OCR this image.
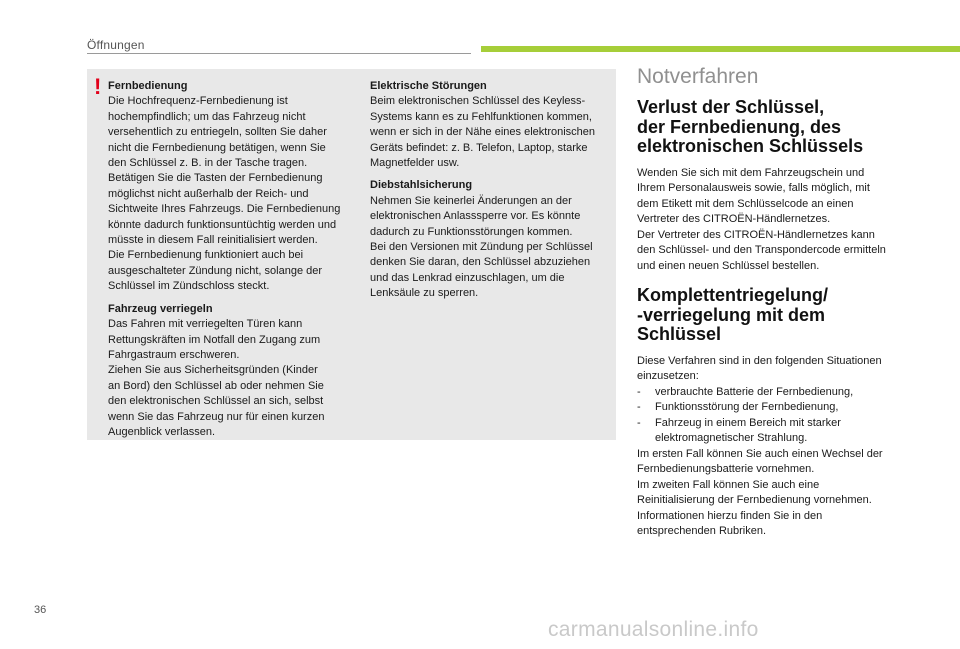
Öffnungen
! Fernbedienung

Die Hochfrequenz-Fernbedienung ist
hochempfindlich; um das Fahrzeug nicht
versehentlich zu entriegeln, sollten Sie daher
nicht die Fernbedienung betätigen, wenn Sie
den Schlüssel z. B. in der Tasche tragen.
Betätigen Sie die Tasten der Fernbedienung
möglichst nicht außerhalb der Reich- und
Sichtweite Ihres Fahrzeugs. Die Fernbedienung
könnte dadurch funktionsuntüchtig werden und
müsste in diesem Fall reinitialisiert werden.
Die Fernbedienung funktioniert auch bei
ausgeschalteter Zündung nicht, solange der
Schlüssel im Zündschloss steckt.

Fahrzeug verriegeln

Das Fahren mit verriegelten Türen kann
Rettungskräften im Notfall den Zugang zum
Fahrgastraum erschweren.
Ziehen Sie aus Sicherheitsgründen (Kinder
an Bord) den Schlüssel ab oder nehmen Sie
den elektronischen Schlüssel an sich, selbst
wenn Sie das Fahrzeug nur für einen kurzen
Augenblick verlassen.

Elektrische Störungen

Beim elektronischen Schlüssel des Keyless-
Systems kann es zu Fehlfunktionen kommen,
wenn er sich in der Nähe eines elektronischen
Geräts befindet: z. B. Telefon, Laptop, starke
Magnetfelder usw.

Diebstahlsicherung

Nehmen Sie keinerlei Änderungen an der
elektronischen Anlasssperre vor. Es könnte
dadurch zu Funktionsstörungen kommen.
Bei den Versionen mit Zündung per Schlüssel
denken Sie daran, den Schlüssel abzuziehen
und das Lenkrad einzuschlagen, um die
Lenksäule zu sperren.

Notverfahren
Verlust der Schlüssel,
der Fernbedienung, des
elektronischen Schlüssels

Wenden Sie sich mit dem Fahrzeugschein und
Ihrem Personalausweis sowie, falls möglich, mit
dem Etikett mit dem Schlüsselcode an einen
Vertreter des CITROËN-Händlernetzes.
Der Vertreter des CITROËN-Händlernetzes kann
den Schlüssel- und den Transpondercode ermitteln
und einen neuen Schlüssel bestellen.

Komplettentriegelung/
-verriegelung mit dem
Schlüssel

Diese Verfahren sind in den folgenden Situationen
einzusetzen:

- verbrauchte Batterie der Fernbedienung,
- Funktionsstörung der Fernbedienung,
- Fahrzeug in einem Bereich mit starker
elektromagnetischer Strahlung.

Im ersten Fall können Sie auch einen Wechsel der
Fernbedienungsbatterie vornehmen.
Im zweiten Fall können Sie auch eine
Reinitialisierung der Fernbedienung vornehmen.
Informationen hierzu finden Sie in den
entsprechenden Rubriken.

36
carmanualsonline.info
